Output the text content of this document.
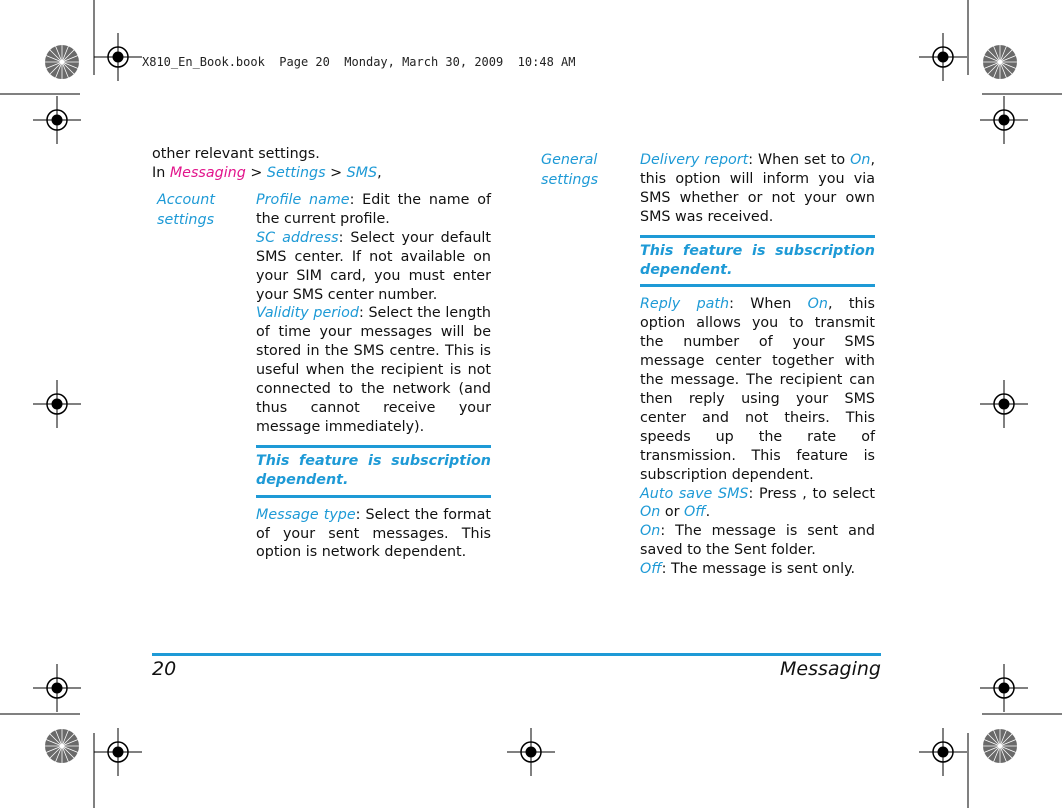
X810_En_Book.book  Page 20  Monday, March 30, 2009  10:48 AM
other relevant settings.
In Messaging > Settings > SMS,
Account settings
Profile name: Edit the name of the current profile.
SC address: Select your default SMS center. If not available on your SIM card, you must enter your SMS center number.
Validity period: Select the length of time your messages will be stored in the SMS centre. This is useful when the recipient is not connected to the network (and thus cannot receive your message immediately).
This feature is subscription dependent.
Message type: Select the format of your sent messages. This option is network dependent.
General settings
Delivery report: When set to On, this option will inform you via SMS whether or not your own SMS was received.
This feature is subscription dependent.
Reply path: When On, this option allows you to transmit the number of your SMS message center together with the message. The recipient can then reply using your SMS center and not theirs. This speeds up the rate of transmission. This feature is subscription dependent.
Auto save SMS: Press , to select On or Off.
On: The message is sent and saved to the Sent folder.
Off: The message is sent only.
20	Messaging
